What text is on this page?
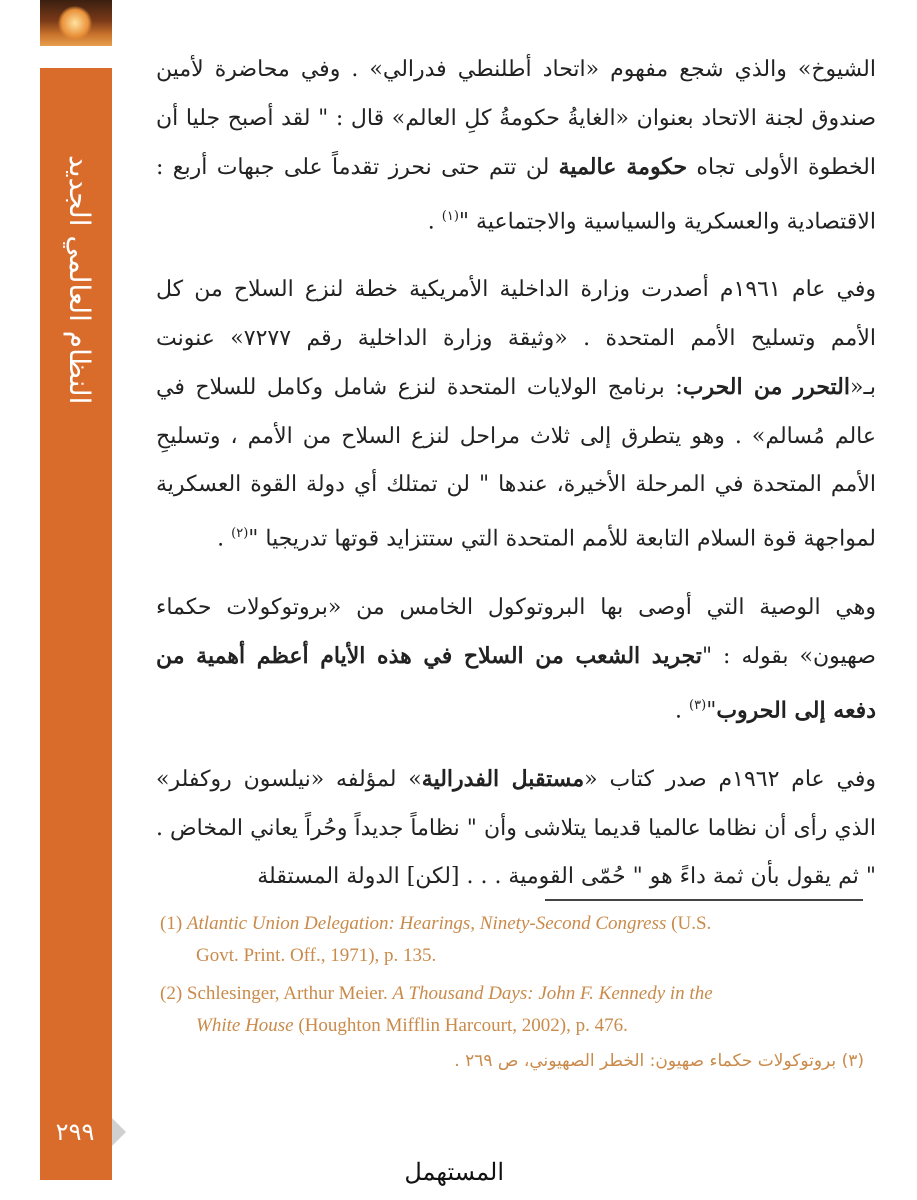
النظام العالمي الجديد
٢٩٩

الشيوخ» والذي شجع مفهوم «اتحاد أطلنطي فدرالي» . وفي محاضرة لأمين صندوق لجنة الاتحاد بعنوان «الغايةُ حكومةُ كلِ العالم» قال : " لقد أصبح جليا أن الخطوة الأولى تجاه حكومة عالمية لن تتم حتى نحرز تقدماً على جبهات أربع : الاقتصادية والعسكرية والسياسية والاجتماعية "$^{(١)}$ .

وفي عام ١٩٦١م أصدرت وزارة الداخلية الأمريكية خطة لنزع السلاح من كل الأمم وتسليح الأمم المتحدة . «وثيقة وزارة الداخلية رقم ٧٢٧٧» عنونت بـ«التحرر من الحرب: برنامج الولايات المتحدة لنزع شامل وكامل للسلاح في عالم مُسالم» . وهو يتطرق إلى ثلاث مراحل لنزع السلاح من الأمم ، وتسليحِ الأمم المتحدة في المرحلة الأخيرة، عندها " لن تمتلك أي دولة القوة العسكرية لمواجهة قوة السلام التابعة للأمم المتحدة التي ستتزايد قوتها تدريجيا "$^{(٢)}$ .

وهي الوصية التي أوصى بها البروتوكول الخامس من «بروتوكولات حكماء صهيون» بقوله : "تجريد الشعب من السلاح في هذه الأيام أعظم أهمية من دفعه إلى الحروب"$^{(٣)}$ .

وفي عام ١٩٦٢م صدر كتاب «مستقبل الفدرالية» لمؤلفه «نيلسون روكفلر» الذي رأى أن نظاما عالميا قديما يتلاشى وأن " نظاماً جديداً وحُراً يعاني المخاض . " ثم يقول بأن ثمة داءً هو " حُمّى القومية . . . [لكن] الدولة المستقلة

(1) Atlantic Union Delegation: Hearings, Ninety-Second Congress (U.S.
Govt. Print. Off., 1971), p. 135.
(2) Schlesinger, Arthur Meier. A Thousand Days: John F. Kennedy in the
White House (Houghton Mifflin Harcourt, 2002), p. 476.
(٣) بروتوكولات حكماء صهيون: الخطر الصهيوني، ص ٢٦٩ .
المستهمل
